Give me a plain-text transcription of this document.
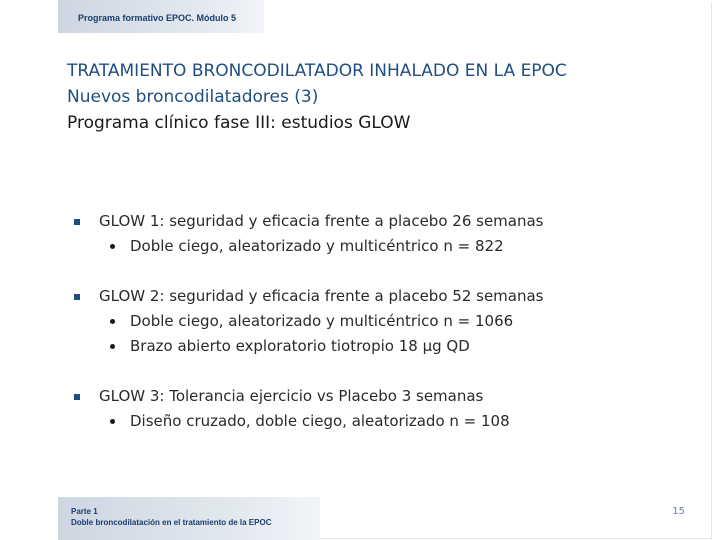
Programa formativo EPOC. Módulo 5
TRATAMIENTO BRONCODILATADOR INHALADO EN LA EPOC
Nuevos broncodilatadores (3)
Programa clínico fase III: estudios GLOW
GLOW 1: seguridad y eficacia frente a placebo 26 semanas
Doble ciego, aleatorizado y multicéntrico n = 822
GLOW 2: seguridad y eficacia frente a placebo 52 semanas
Doble ciego, aleatorizado y multicéntrico n = 1066
Brazo abierto exploratorio tiotropio 18 µg QD
GLOW 3: Tolerancia ejercicio vs Placebo 3 semanas
Diseño cruzado, doble ciego, aleatorizado n = 108
Parte 1
Doble broncodilatación en el tratamiento de la EPOC
15
